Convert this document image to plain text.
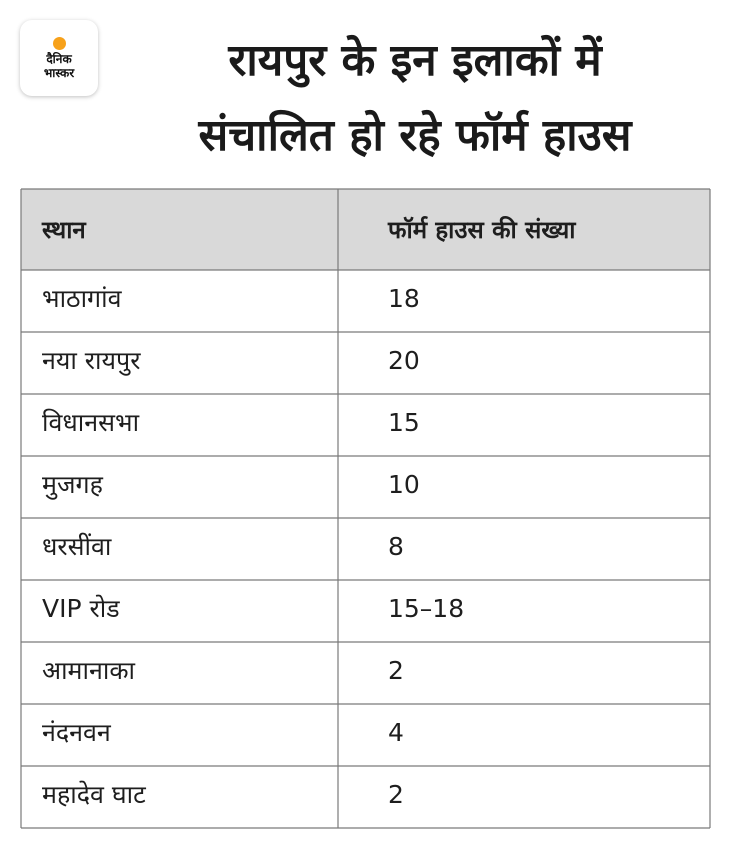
दैनिक
भास्कर	रायपुर के इन इलाकों में
संचालित हो रहे फॉर्म हाउस
स्थान	फॉर्म हाउस की संख्या
भाठागांव	18
नया रायपुर	20
विधानसभा	15
मुजगह	10
धरसींवा	8
VIP रोड	15–18
आमानाका	2
नंदनवन	4
महादेव घाट	2
